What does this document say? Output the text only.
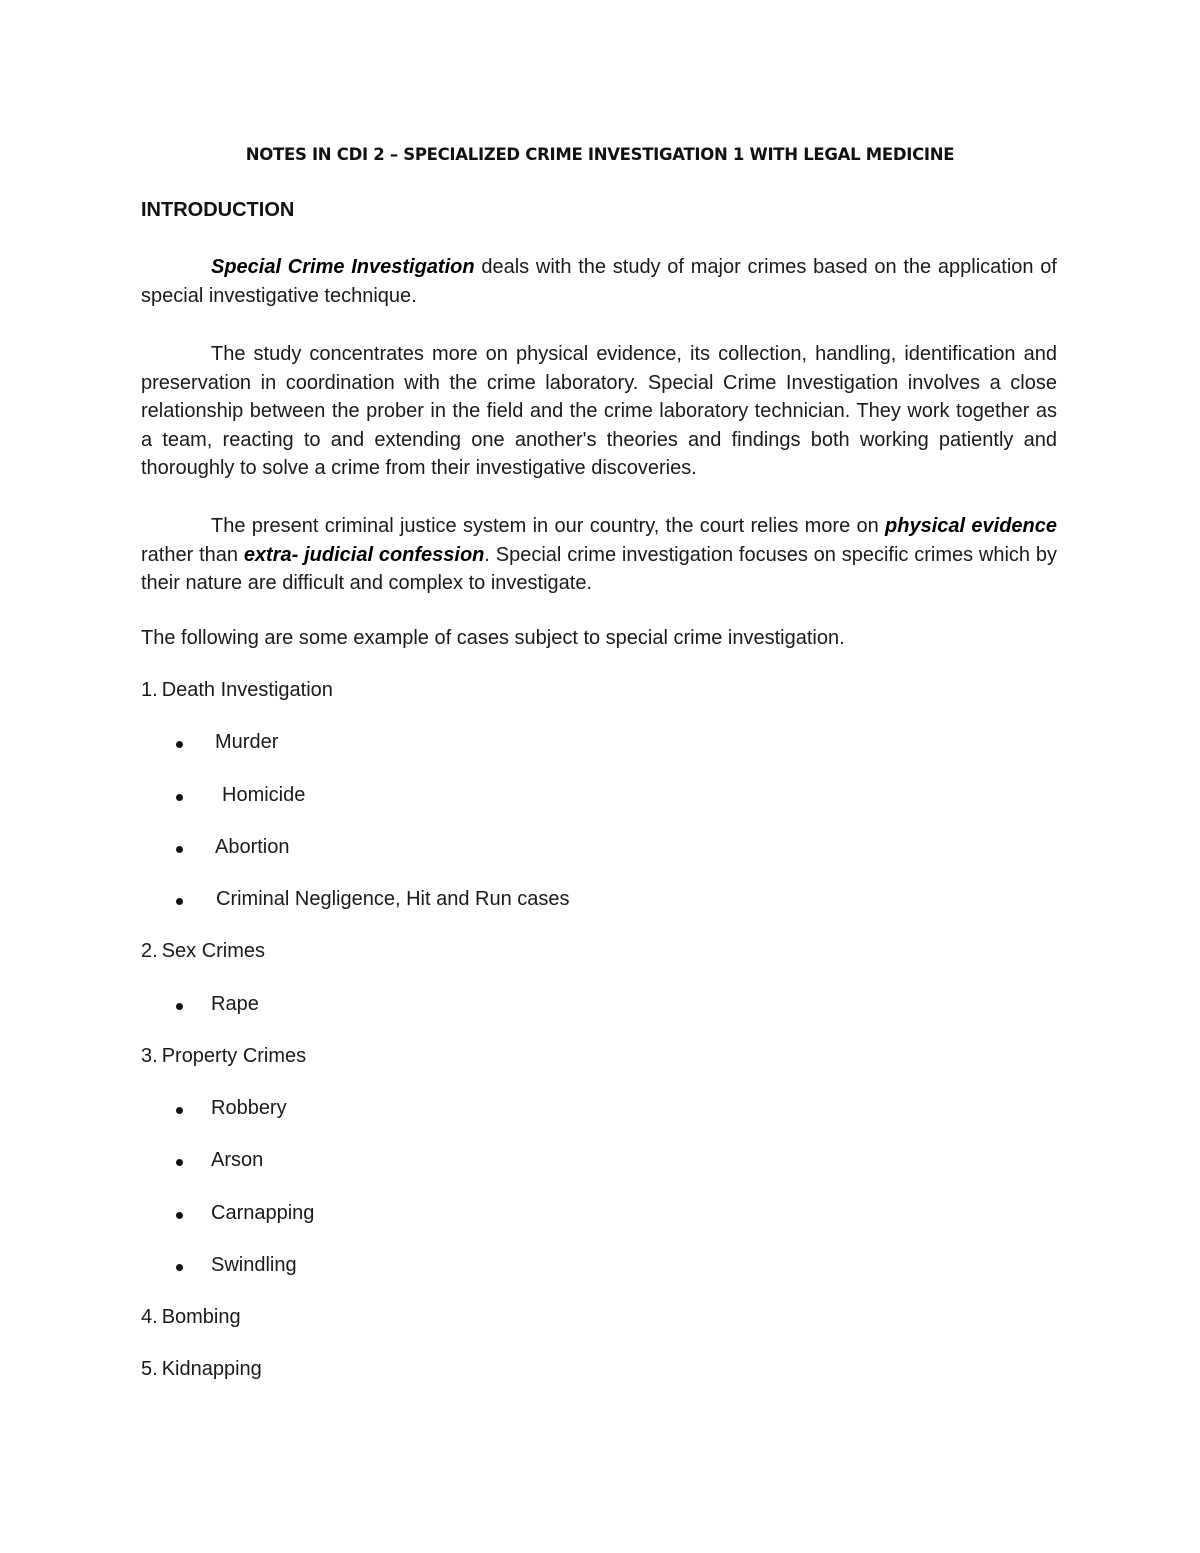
NOTES IN CDI 2 – SPECIALIZED CRIME INVESTIGATION 1 WITH LEGAL MEDICINE
INTRODUCTION
Special Crime Investigation deals with the study of major crimes based on the application of special investigative technique.
The study concentrates more on physical evidence, its collection, handling, identification and preservation in coordination with the crime laboratory. Special Crime Investigation involves a close relationship between the prober in the field and the crime laboratory technician. They work together as a team, reacting to and extending one another's theories and findings both working patiently and thoroughly to solve a crime from their investigative discoveries.
The present criminal justice system in our country, the court relies more on physical evidence rather than extra- judicial confession. Special crime investigation focuses on specific crimes which by their nature are difficult and complex to investigate.
The following are some example of cases subject to special crime investigation.
1. Death Investigation
Murder
Homicide
Abortion
Criminal Negligence, Hit and Run cases
2. Sex Crimes
Rape
3. Property Crimes
Robbery
Arson
Carnapping
Swindling
4. Bombing
5. Kidnapping
